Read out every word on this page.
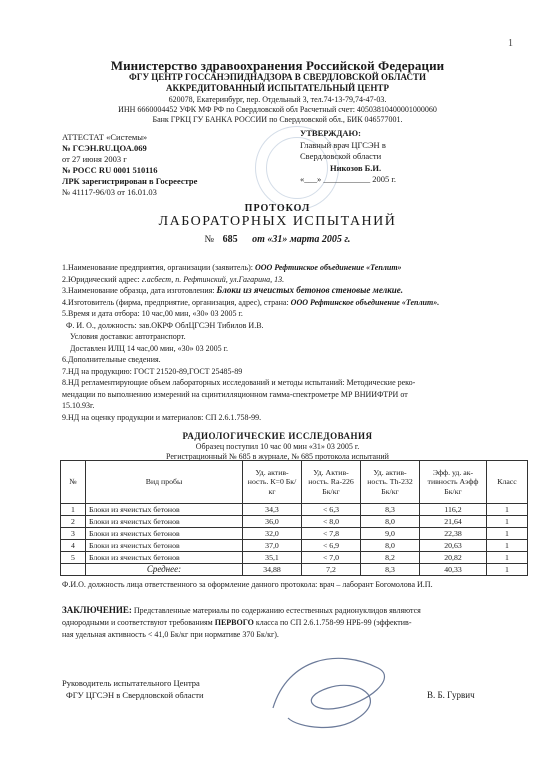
1
Министерство здравоохранения Российской Федерации
ФГУ ЦЕНТР ГОССАНЭПИДНАДЗОРА В СВЕРДЛОВСКОЙ ОБЛАСТИ
АККРЕДИТОВАННЫЙ ИСПЫТАТЕЛЬНЫЙ ЦЕНТР
620078, Екатеринбург, пер. Отдельный 3, тел.74-13-79,74-47-03.
ИНН 6660004452 УФК МФ РФ по Свердловской обл Расчетный счет: 40503810400001000060
Банк ГРКЦ ГУ БАНКА РОССИИ по Свердловской обл., БИК 046577001.
АТТЕСТАТ «Системы»
№ ГСЭН.RU.ЦОА.069
от 27 июня 2003 г
№ РОСС RU 0001 510116
ЛРК зарегистрирован в Госреестре
№ 41117-96/03 от 16.01.03
УТВЕРЖДАЮ:
Главный врач ЦГСЭН в
Свердловской области
Никозов Б.И.
«___» ___________ 2005 г.
ПРОТОКОЛ
ЛАБОРАТОРНЫХ ИСПЫТАНИЙ
№ 685 от «31» марта 2005 г.
1.Наименование предприятия, организации (заявитель): ООО Рефтинское объединение «Теплит»
2.Юридический адрес: г.асбест, п. Рефтинский, ул.Гагарина, 13.
3.Наименование образца, дата изготовления: Блоки из ячеистых бетонов стеновые мелкие.
4.Изготовитель (фирма, предприятие, организация, адрес), страна: ООО Рефтинское объединение «Теплит».
5.Время и дата отбора: 10 час,00 мин, «30» 03 2005 г.
Ф. И. О., должность: зав.ОКРФ ОблЦГСЭН Тибилов И.В.
Условия доставки: автотранспорт.
Доставлен ИЛЦ 14 час,00 мин, «30» 03 2005 г.
6.Дополнительные сведения.
7.НД на продукцию: ГОСТ 21520-89,ГОСТ 25485-89
8.НД регламентирующие объем лабораторных исследований и методы испытаний: Методические реко-
мендации по выполнению измерений на сцинтилляционном гамма-спектрометре МР ВНИИФТРИ от
15.10.93г.
9.НД на оценку продукции и материалов: СП 2.6.1.758-99.
РАДИОЛОГИЧЕСКИЕ ИССЛЕДОВАНИЯ
Образец поступил 10 час 00 мин «31» 03 2005 г.
Регистрационный № 685 в журнале, № 685 протокола испытаний
№	Вид пробы	Уд. актив-ность. К=0 Бк/кг	Уд. Актив-ность. Ra-226 Бк/кг	Уд. актив-ность. Th-232 Бк/кг	Эфф. уд. ак-тивность Аэфф Бк/кг	Класс
1	Блоки из ячеистых бетонов	34,3	< 6,3	8,3	116,2	1
2	Блоки из ячеистых бетонов	36,0	< 8,0	8,0	21,64	1
3	Блоки из ячеистых бетонов	32,0	< 7,8	9,0	22,38	1
4	Блоки из ячеистых бетонов	37,0	< 6,9	8,0	20,63	1
5	Блоки из ячеистых бетонов	35,1	< 7,0	8,2	20,82	1
	Среднее:	34,88	7,2	8,3	40,33	1
Ф.И.О. должность лица ответственного за оформление данного протокола: врач – лаборант Богомолова И.П.
ЗАКЛЮЧЕНИЕ: Представленные материалы по содержанию естественных радионуклидов являются
однородными и соответствуют требованиям ПЕРВОГО класса по СП 2.6.1.758-99 НРБ-99 (эффектив-
ная удельная активность < 41,0 Бк/кг при нормативе 370 Бк/кг).
Руководитель испытательного Центра
ФГУ ЦГСЭН в Свердловской области	В. Б. Гурвич
